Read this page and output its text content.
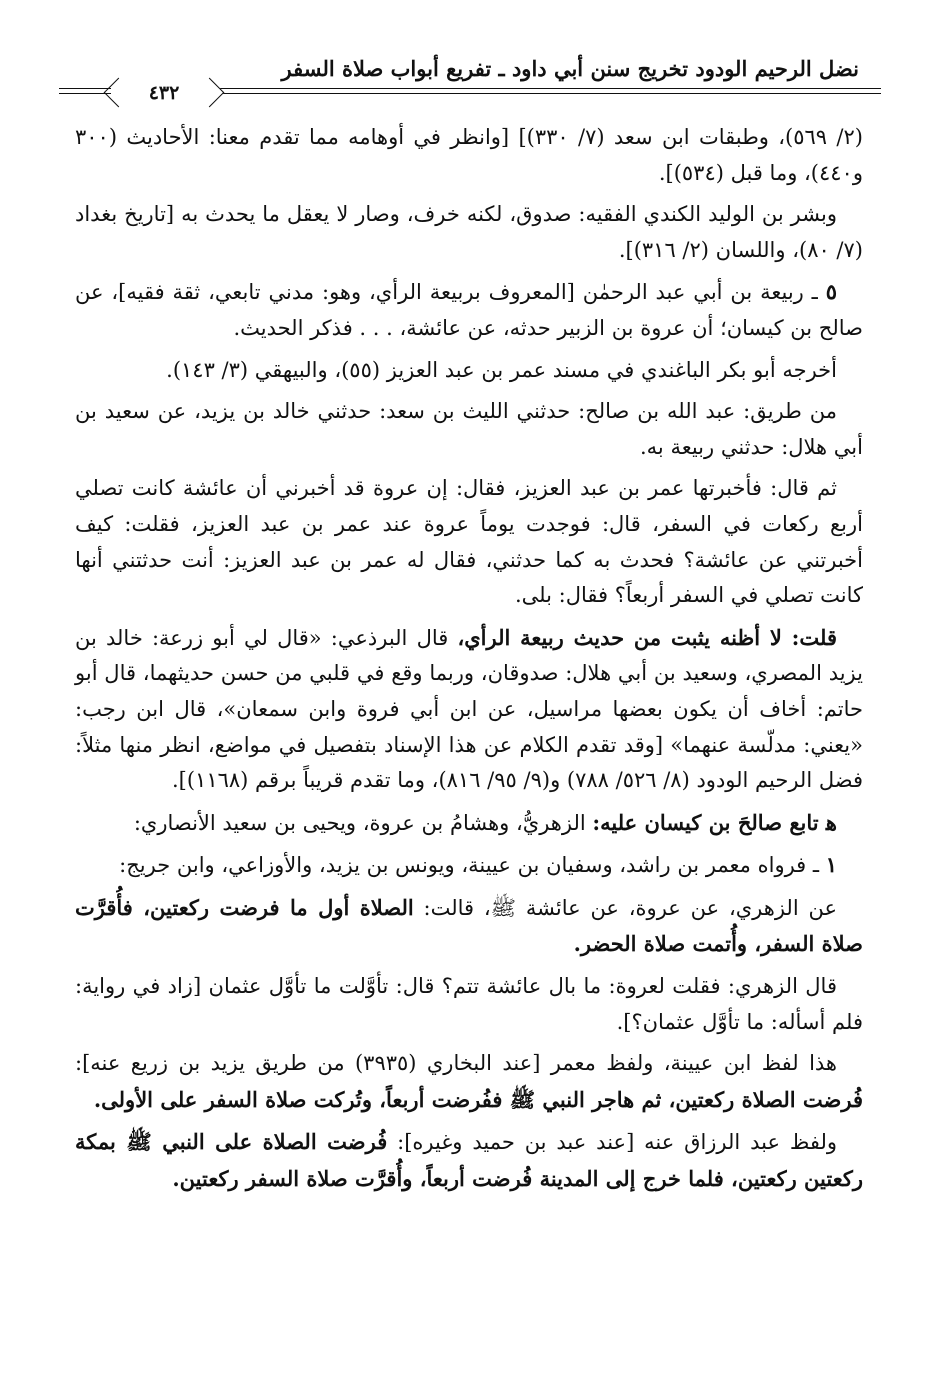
نضل الرحيم الودود تخريج سنن أبي داود ـ تفريع أبواب صلاة السفر
٤٣٢

(٢/ ٥٦٩)، وطبقات ابن سعد (٧/ ٣٣٠)] [وانظر في أوهامه مما تقدم معنا: الأحاديث (٣٠٠ و٤٤٠)، وما قبل (٥٣٤)].

وبشر بن الوليد الكندي الفقيه: صدوق، لكنه خرف، وصار لا يعقل ما يحدث به [تاريخ بغداد (٧/ ٨٠)، واللسان (٢/ ٣١٦)].

٥ ـ ربيعة بن أبي عبد الرحمٰن [المعروف بربيعة الرأي، وهو: مدني تابعي، ثقة فقيه]، عن صالح بن كيسان؛ أن عروة بن الزبير حدثه، عن عائشة، . . . فذكر الحديث.

أخرجه أبو بكر الباغندي في مسند عمر بن عبد العزيز (٥٥)، والبيهقي (٣/ ١٤٣).

من طريق: عبد الله بن صالح: حدثني الليث بن سعد: حدثني خالد بن يزيد، عن سعيد بن أبي هلال: حدثني ربيعة به.

ثم قال: فأخبرتها عمر بن عبد العزيز، فقال: إن عروة قد أخبرني أن عائشة كانت تصلي أربع ركعات في السفر، قال: فوجدت يوماً عروة عند عمر بن عبد العزيز، فقلت: كيف أخبرتني عن عائشة؟ فحدث به كما حدثني، فقال له عمر بن عبد العزيز: أنت حدثتني أنها كانت تصلي في السفر أربعاً؟ فقال: بلى.

قلت: لا أظنه يثبت من حديث ربيعة الرأي، قال البرذعي: «قال لي أبو زرعة: خالد بن يزيد المصري، وسعيد بن أبي هلال: صدوقان، وربما وقع في قلبي من حسن حديثهما، قال أبو حاتم: أخاف أن يكون بعضها مراسيل، عن ابن أبي فروة وابن سمعان»، قال ابن رجب: «يعني: مدلّسة عنهما» [وقد تقدم الكلام عن هذا الإسناد بتفصيل في مواضع، انظر منها مثلاً: فضل الرحيم الودود (٨/ ٥٢٦/ ٧٨٨) و(٩/ ٩٥/ ٨١٦)، وما تقدم قريباً برقم (١١٦٨)].

ﻫ تابع صالحَ بن كيسان عليه: الزهريُّ، وهشامُ بن عروة، ويحيى بن سعيد الأنصاري:

١ ـ فرواه معمر بن راشد، وسفيان بن عيينة، ويونس بن يزيد، والأوزاعي، وابن جريج:

عن الزهري، عن عروة، عن عائشة ﷺ، قالت: الصلاة أول ما فرضت ركعتين، فأُقرَّت صلاة السفر، وأُتمت صلاة الحضر.

قال الزهري: فقلت لعروة: ما بال عائشة تتم؟ قال: تأوَّلت ما تأوَّل عثمان [زاد في رواية: فلم أسأله: ما تأوَّل عثمان؟].

هذا لفظ ابن عيينة، ولفظ معمر [عند البخاري (٣٩٣٥) من طريق يزيد بن زريع عنه]: فُرضت الصلاة ركعتين، ثم هاجر النبي ﷺ ففُرضت أربعاً، وتُركت صلاة السفر على الأولى.

ولفظ عبد الرزاق عنه [عند عبد بن حميد وغيره]: فُرضت الصلاة على النبي ﷺ بمكة ركعتين ركعتين، فلما خرج إلى المدينة فُرضت أربعاً، وأُقرَّت صلاة السفر ركعتين.
